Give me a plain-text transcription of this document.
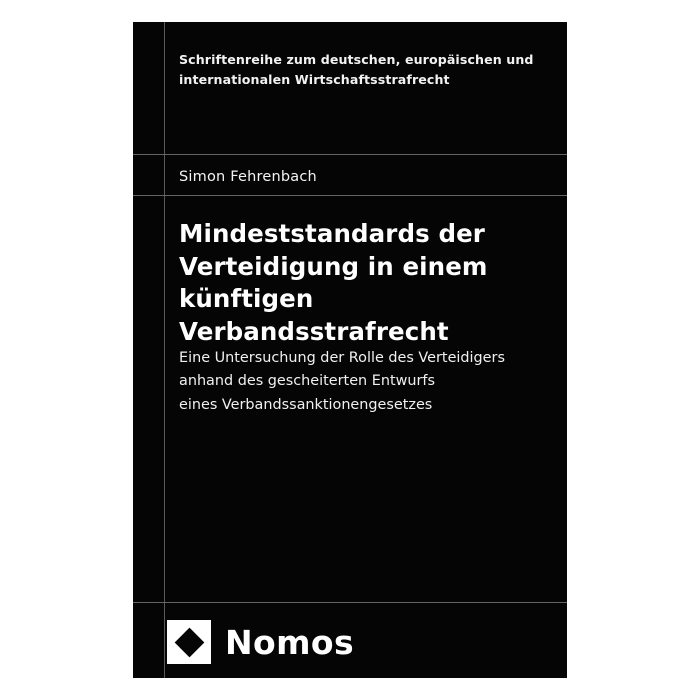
Schriftenreihe zum deutschen, europäischen und internationalen Wirtschaftsstrafrecht
Simon Fehrenbach
Mindeststandards der Verteidigung in einem künftigen Verbandsstrafrecht
Eine Untersuchung der Rolle des Verteidigers
anhand des gescheiterten Entwurfs
eines Verbandssanktionengesetzes
Nomos
